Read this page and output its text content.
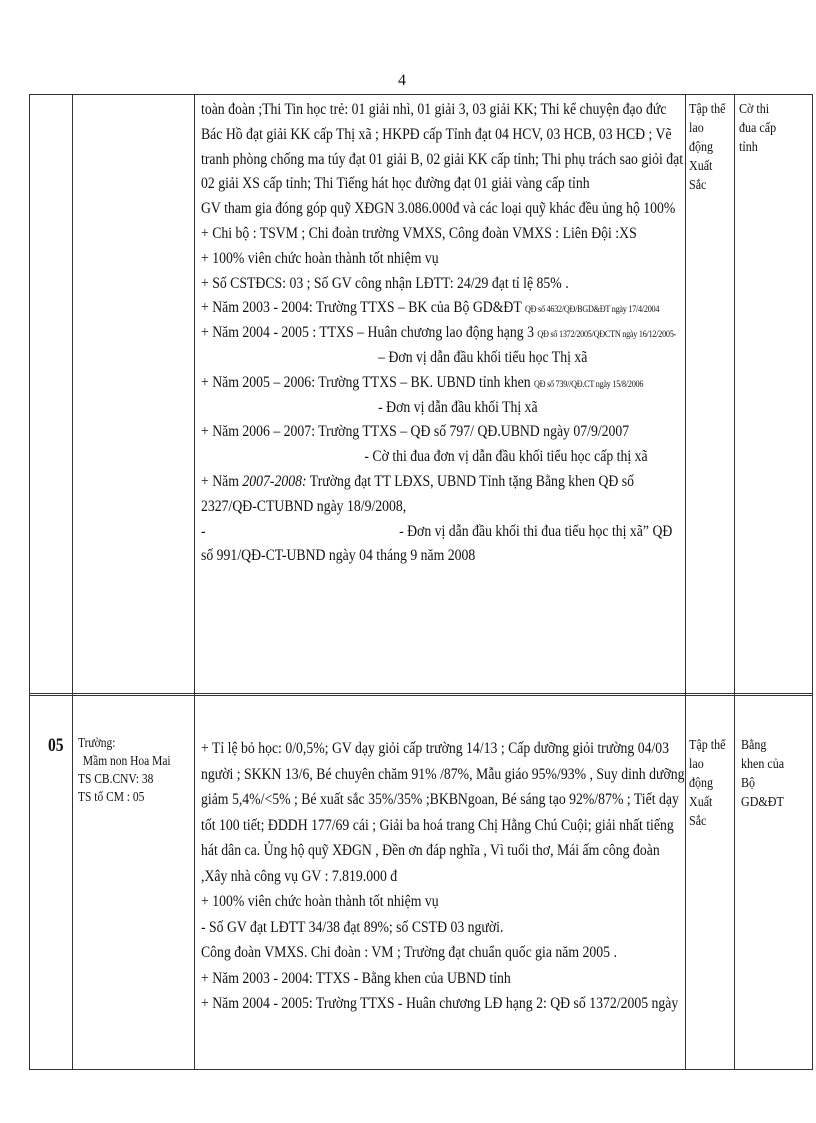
4
toàn đoàn ;Thi Tin học trẻ: 01 giải nhì, 01 giải 3, 03 giải KK; Thi kể chuyện đạo đức
Bác Hồ đạt giải KK cấp Thị xã ; HKPĐ cấp Tỉnh đạt 04 HCV, 03 HCB, 03 HCĐ ; Vẽ
tranh phòng chống ma túy đạt 01 giải B, 02 giải KK cấp tỉnh; Thi phụ trách sao giỏi đạt
02 giải XS cấp tỉnh; Thi Tiếng hát học đường đạt 01 giải vàng cấp tỉnh
GV tham gia đóng góp quỹ XĐGN 3.086.000đ và các loại quỹ khác đều ủng hộ 100%
+ Chi bộ : TSVM ; Chi đoàn trường VMXS, Công đoàn VMXS : Liên Đội :XS
+ 100% viên chức hoàn thành tốt nhiệm vụ
+ Số CSTĐCS: 03 ; Số GV công nhận LĐTT: 24/29 đạt tỉ lệ 85% .
+ Năm 2003 - 2004: Trường TTXS – BK của Bộ GD&ĐT QĐ số 4632/QĐ/BGD&ĐT ngày 17/4/2004
+ Năm 2004 - 2005 : TTXS – Huân chương lao động hạng 3 QĐ số 1372/2005/QĐCTN ngày 16/12/2005-
– Đơn vị dẫn đầu khối tiểu học Thị xã
+ Năm 2005 – 2006: Trường TTXS – BK. UBND tỉnh khen QĐ số 739//QĐ.CT ngày 15/8/2006
- Đơn vị dẫn đầu khối Thị xã
+ Năm 2006 – 2007: Trường TTXS – QĐ số 797/ QĐ.UBND ngày 07/9/2007
- Cờ thi đua đơn vị dẫn đầu khối tiểu học cấp thị xã
+ Năm 2007-2008: Trường đạt TT LĐXS, UBND Tỉnh tặng Bằng khen QĐ số
2327/QĐ-CTUBND ngày 18/9/2008,
-	- Đơn vị dẫn đầu khối thi đua tiểu học thị xã” QĐ
số 991/QĐ-CT-UBND ngày 04 tháng 9 năm 2008
Tập thể
lao
động
Xuất
Sắc
Cờ thi
đua cấp
tỉnh
05	Trường:
Mầm non Hoa Mai
TS CB.CNV: 38
TS tổ CM : 05
+ Tỉ lệ bỏ học: 0/0,5%; GV dạy giỏi cấp trường 14/13 ; Cấp dưỡng giỏi trường 04/03
người ; SKKN 13/6, Bé chuyên chăm 91% /87%, Mẫu giáo 95%/93% , Suy dinh dưỡng
giảm 5,4%/<5% ; Bé xuất sắc 35%/35% ;BKBNgoan, Bé sáng tạo 92%/87% ; Tiết dạy
tốt 100 tiết; ĐDDH 177/69 cái ; Giải ba hoá trang Chị Hằng Chú Cuội; giải nhất tiếng
hát dân ca. Ủng hộ quỹ XĐGN , Đền ơn đáp nghĩa , Vì tuổi thơ, Mái ấm công đoàn
,Xây nhà công vụ GV : 7.819.000 đ
+ 100% viên chức hoàn thành tốt nhiệm vụ
- Số GV đạt LĐTT 34/38 đạt 89%; số CSTĐ 03 người.
Công đoàn VMXS. Chi đoàn : VM ; Trường đạt chuẩn quốc gia năm 2005 .
+ Năm 2003 - 2004: TTXS - Bằng khen của UBND tỉnh
+ Năm 2004 - 2005: Trường TTXS - Huân chương LĐ hạng 2: QĐ số 1372/2005 ngày
Tập thể
lao
động
Xuất
Sắc
Bằng
khen của
Bộ
GD&ĐT
